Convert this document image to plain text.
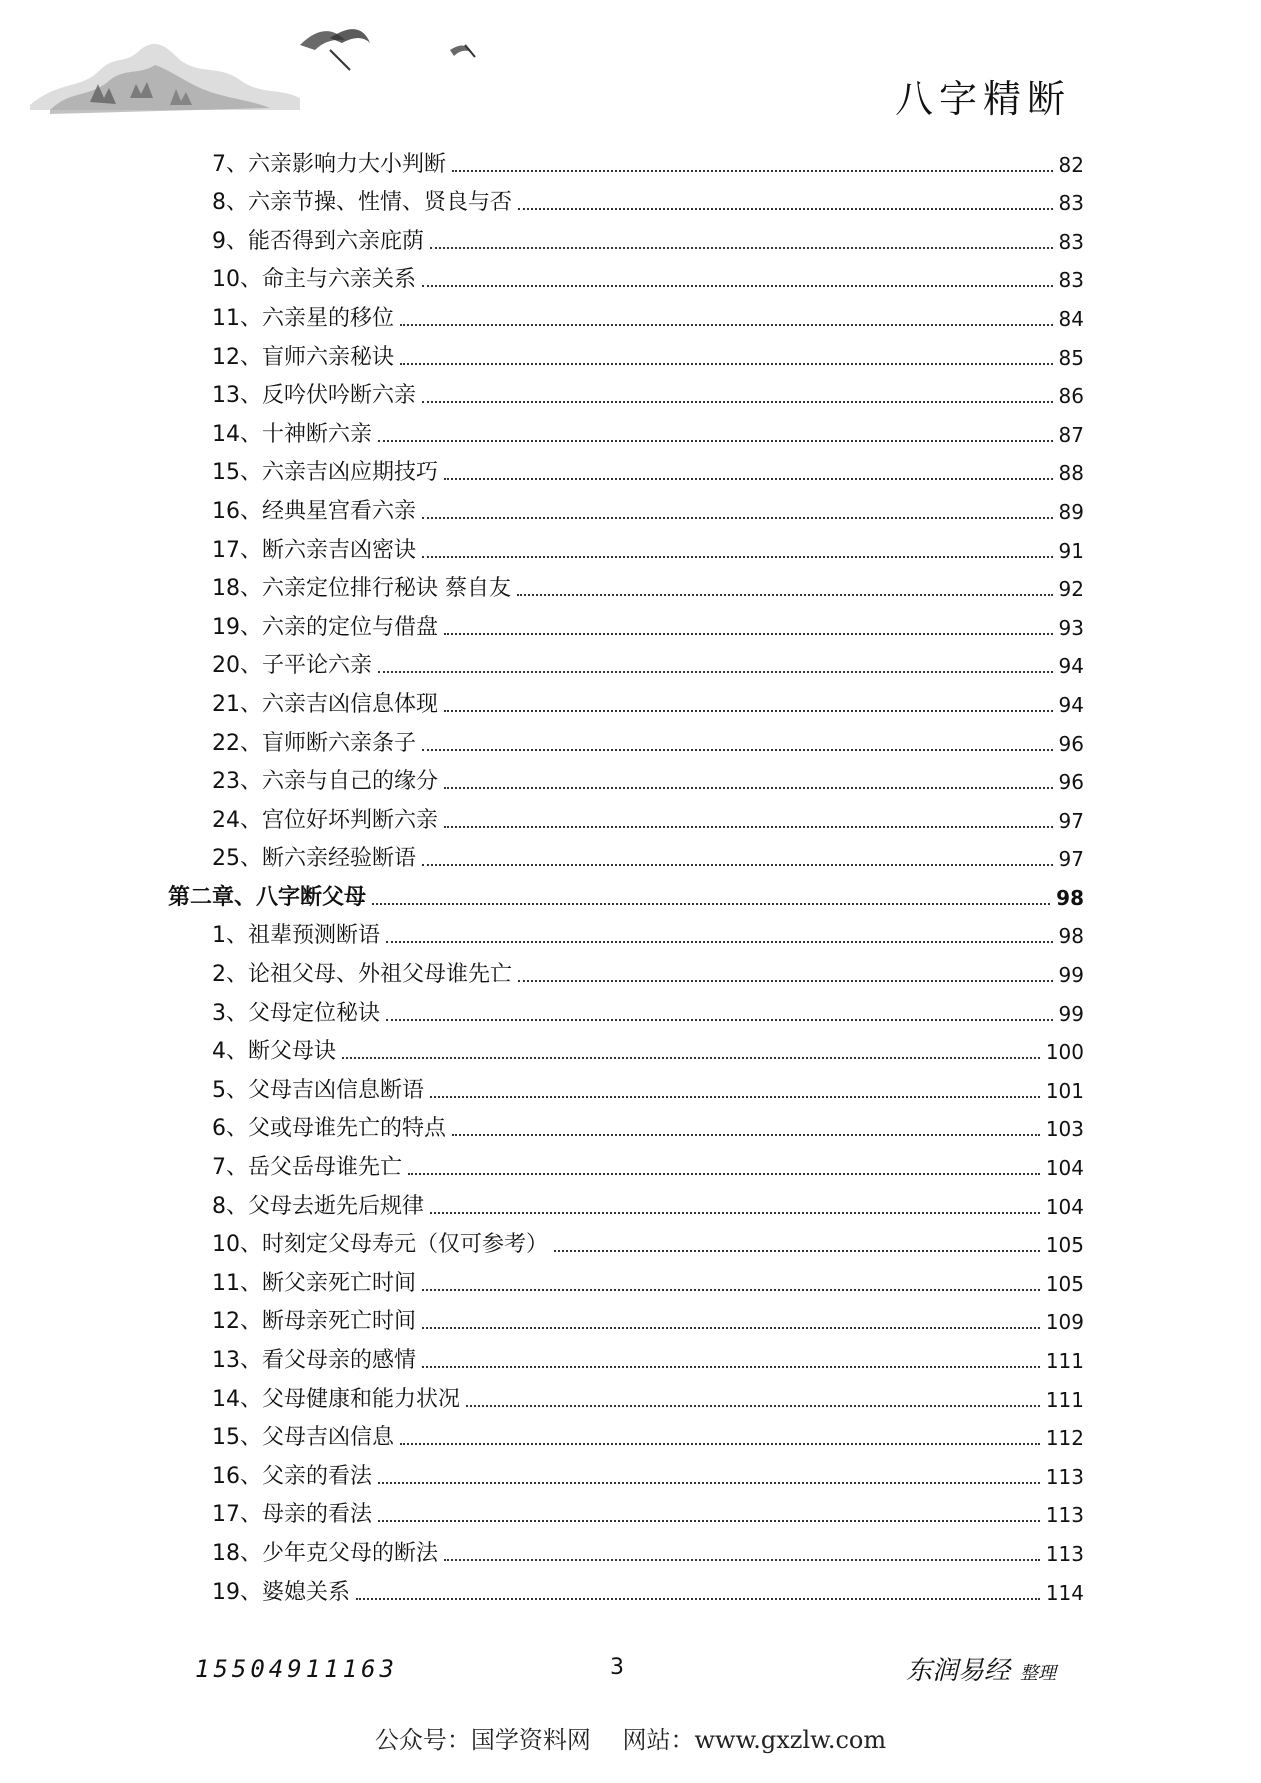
八字精断
7、六亲影响力大小判断	82
8、六亲节操、性情、贤良与否	83
9、能否得到六亲庇荫	83
10、命主与六亲关系	83
11、六亲星的移位	84
12、盲师六亲秘诀	85
13、反吟伏吟断六亲	86
14、十神断六亲	87
15、六亲吉凶应期技巧	88
16、经典星宫看六亲	89
17、断六亲吉凶密诀	91
18、六亲定位排行秘诀 蔡自友	92
19、六亲的定位与借盘	93
20、子平论六亲	94
21、六亲吉凶信息体现	94
22、盲师断六亲条子	96
23、六亲与自己的缘分	96
24、宫位好坏判断六亲	97
25、断六亲经验断语	97
第二章、八字断父母	98
1、祖辈预测断语	98
2、论祖父母、外祖父母谁先亡	99
3、父母定位秘诀	99
4、断父母诀	100
5、父母吉凶信息断语	101
6、父或母谁先亡的特点	103
7、岳父岳母谁先亡	104
8、父母去逝先后规律	104
10、时刻定父母寿元（仅可参考）	105
11、断父亲死亡时间	105
12、断母亲死亡时间	109
13、看父母亲的感情	111
14、父母健康和能力状况	111
15、父母吉凶信息	112
16、父亲的看法	113
17、母亲的看法	113
18、少年克父母的断法	113
19、婆媳关系	114
15504911163	3	东润易经 整理
公众号：国学资料网　 网站：www.gxzlw.com
